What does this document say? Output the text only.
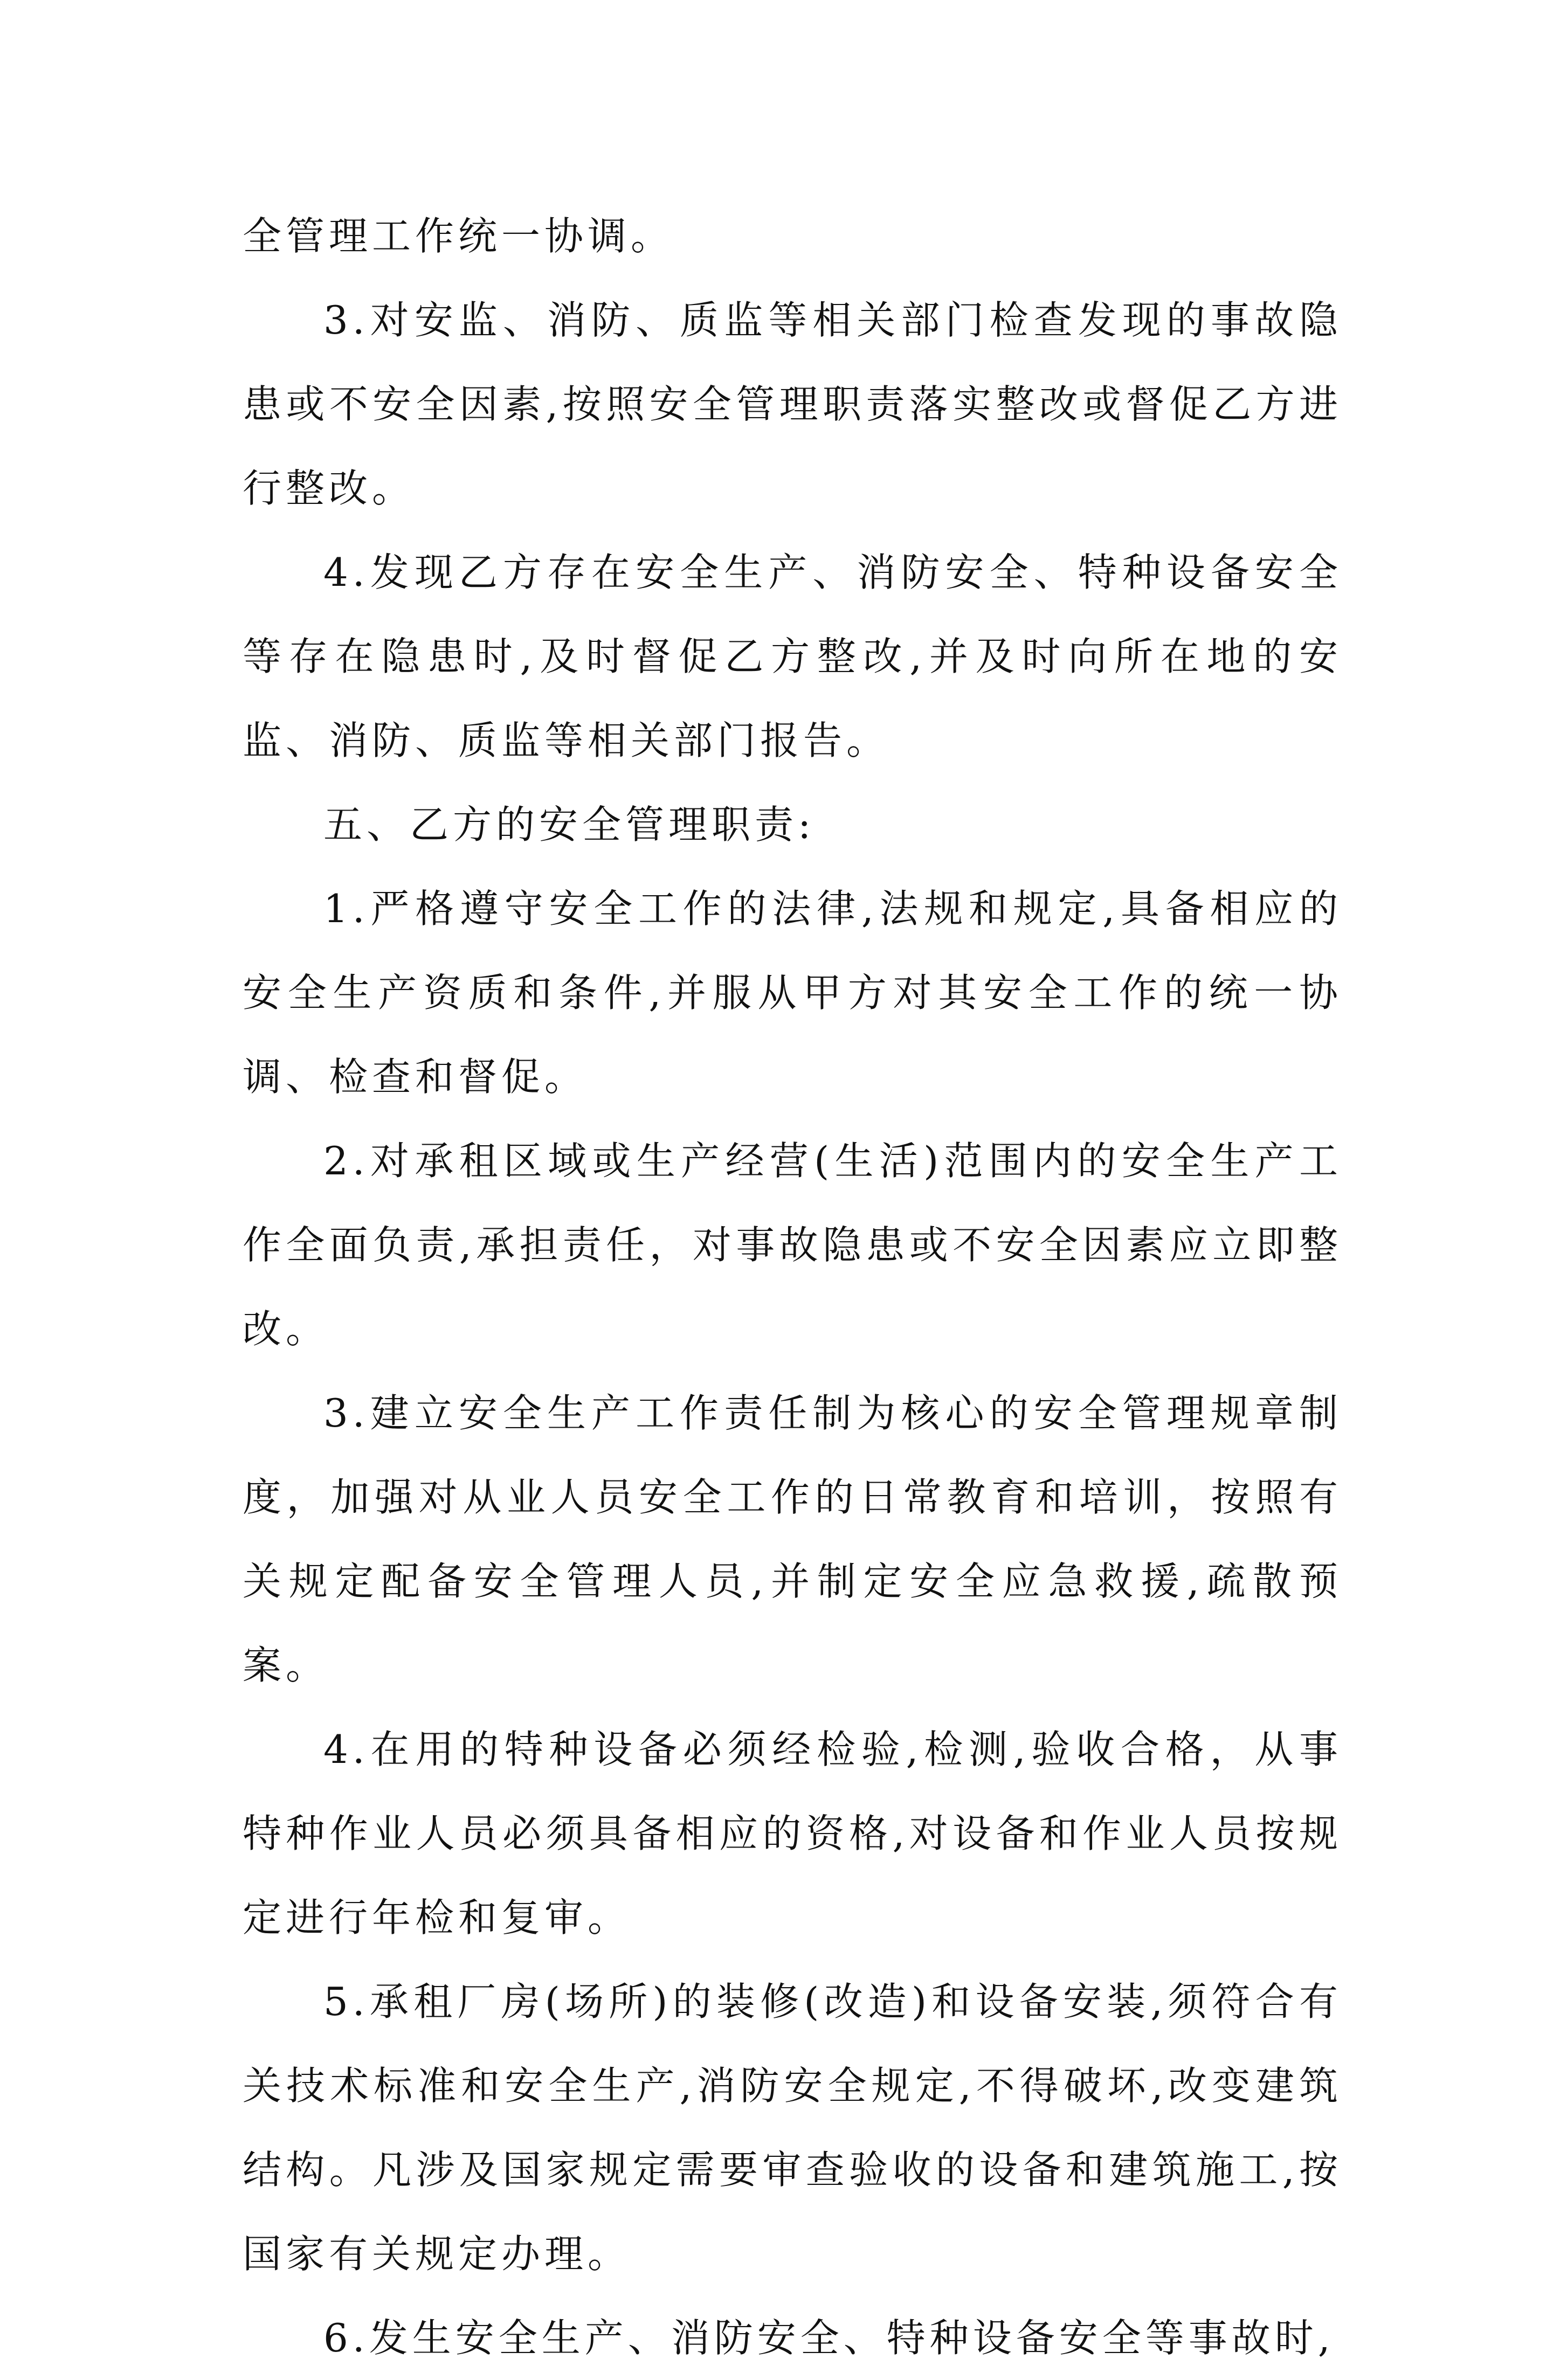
全管理工作统一协调。

3.对安监、消防、质监等相关部门检查发现的事故隐患或不安全因素,按照安全管理职责落实整改或督促乙方进行整改。

4.发现乙方存在安全生产、消防安全、特种设备安全等存在隐患时,及时督促乙方整改,并及时向所在地的安监、消防、质监等相关部门报告。

五、乙方的安全管理职责:

1.严格遵守安全工作的法律,法规和规定,具备相应的安全生产资质和条件,并服从甲方对其安全工作的统一协调、检查和督促。

2.对承租区域或生产经营(生活)范围内的安全生产工作全面负责,承担责任，对事故隐患或不安全因素应立即整改。

3.建立安全生产工作责任制为核心的安全管理规章制度，加强对从业人员安全工作的日常教育和培训，按照有关规定配备安全管理人员,并制定安全应急救援,疏散预案。

4.在用的特种设备必须经检验,检测,验收合格，从事特种作业人员必须具备相应的资格,对设备和作业人员按规定进行年检和复审。

5.承租厂房(场所)的装修(改造)和设备安装,须符合有关技术标准和安全生产,消防安全规定,不得破坏,改变建筑结构。凡涉及国家规定需要审查验收的设备和建筑施工,按国家有关规定办理。

6.发生安全生产、消防安全、特种设备安全等事故时,
